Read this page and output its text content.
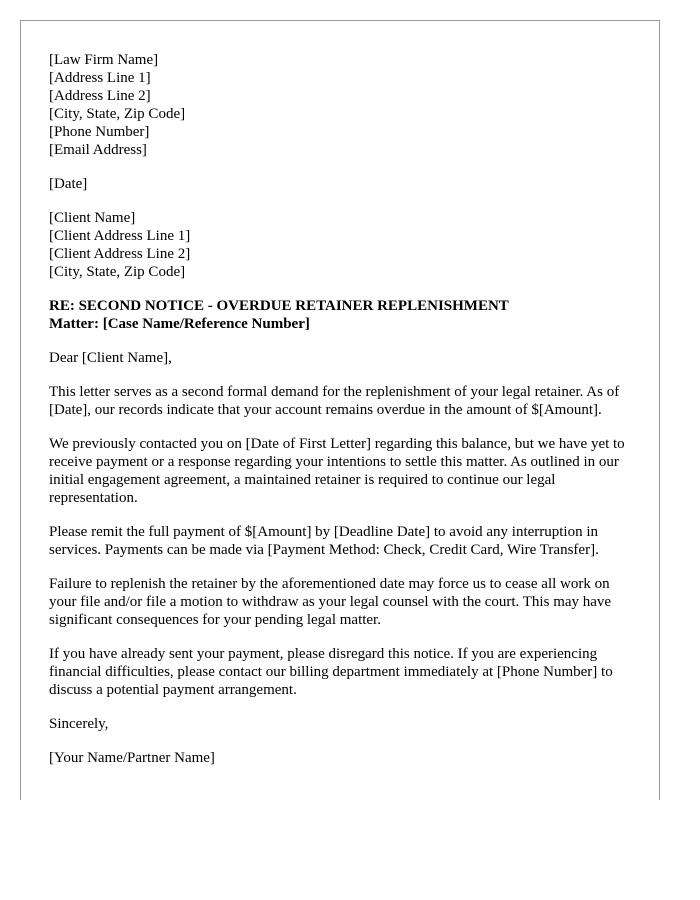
[Law Firm Name]
[Address Line 1]
[Address Line 2]
[City, State, Zip Code]
[Phone Number]
[Email Address]
[Date]
[Client Name]
[Client Address Line 1]
[Client Address Line 2]
[City, State, Zip Code]
RE: SECOND NOTICE - OVERDUE RETAINER REPLENISHMENT
Matter: [Case Name/Reference Number]
Dear [Client Name],

This letter serves as a second formal demand for the replenishment of your legal retainer. As of [Date], our records indicate that your account remains overdue in the amount of $[Amount].

We previously contacted you on [Date of First Letter] regarding this balance, but we have yet to receive payment or a response regarding your intentions to settle this matter. As outlined in our initial engagement agreement, a maintained retainer is required to continue our legal representation.

Please remit the full payment of $[Amount] by [Deadline Date] to avoid any interruption in services. Payments can be made via [Payment Method: Check, Credit Card, Wire Transfer].

Failure to replenish the retainer by the aforementioned date may force us to cease all work on your file and/or file a motion to withdraw as your legal counsel with the court. This may have significant consequences for your pending legal matter.

If you have already sent your payment, please disregard this notice. If you are experiencing financial difficulties, please contact our billing department immediately at [Phone Number] to discuss a potential payment arrangement.

Sincerely,
[Your Name/Partner Name]
